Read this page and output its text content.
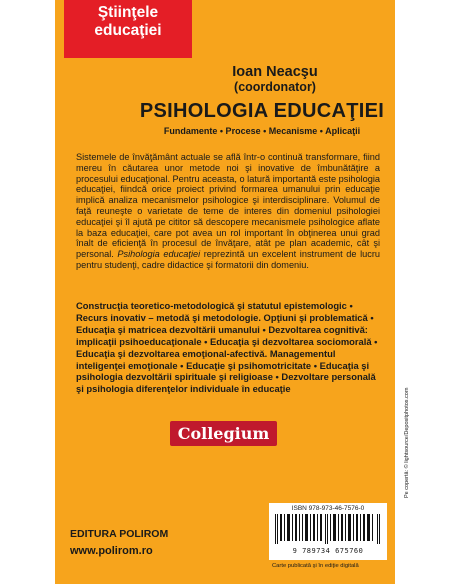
Ştiinţele
educaţiei
Ioan Neacşu
(coordonator)
PSIHOLOGIA EDUCAŢIEI
Fundamente • Procese • Mecanisme • Aplicaţii

Sistemele de învăţământ actuale se află într-o continuă transformare, fiind mereu în căutarea unor metode noi şi inovative de îmbunătăţire a procesului educaţional. Pentru aceasta, o latură importantă este psihologia educaţiei, fiindcă orice proiect privind formarea umanului prin educaţie implică analiza mecanismelor psihologice şi interdisciplinare. Volumul de faţă reuneşte o varietate de teme de interes din domeniul psihologiei educaţiei şi îl ajută pe cititor să descopere mecanismele psihologice aflate la baza educaţiei, care pot avea un rol important în obţinerea unui grad înalt de eficienţă în procesul de învăţare, atât pe plan academic, cât şi personal. Psihologia educaţiei reprezintă un excelent instrument de lucru pentru studenţi, cadre didactice şi formatorii din domeniu.

Construcţia teoretico-metodologică şi statutul epistemologic • Recurs inovativ – metodă şi metodologie. Opţiuni şi problematică • Educaţia şi matricea dezvoltării umanului • Dezvoltarea cognitivă: implicaţii psihoeducaţionale • Educaţia şi dezvoltarea sociomorală • Educaţia şi dezvoltarea emoţional-afectivă. Managementul inteligenţei emoţionale • Educaţie şi psihomotricitate • Educaţia şi psihologia dezvoltării spirituale şi religioase • Dezvoltare personală şi psihologia diferenţelor individuale în educaţie
Collegium
ISBN 978-973-46-7576-0
9 789734 675760
Carte publicată şi în ediţie digitală
EDITURA POLIROM
www.polirom.ro
Pe copertă: © lightsource/Depositphotos.com
